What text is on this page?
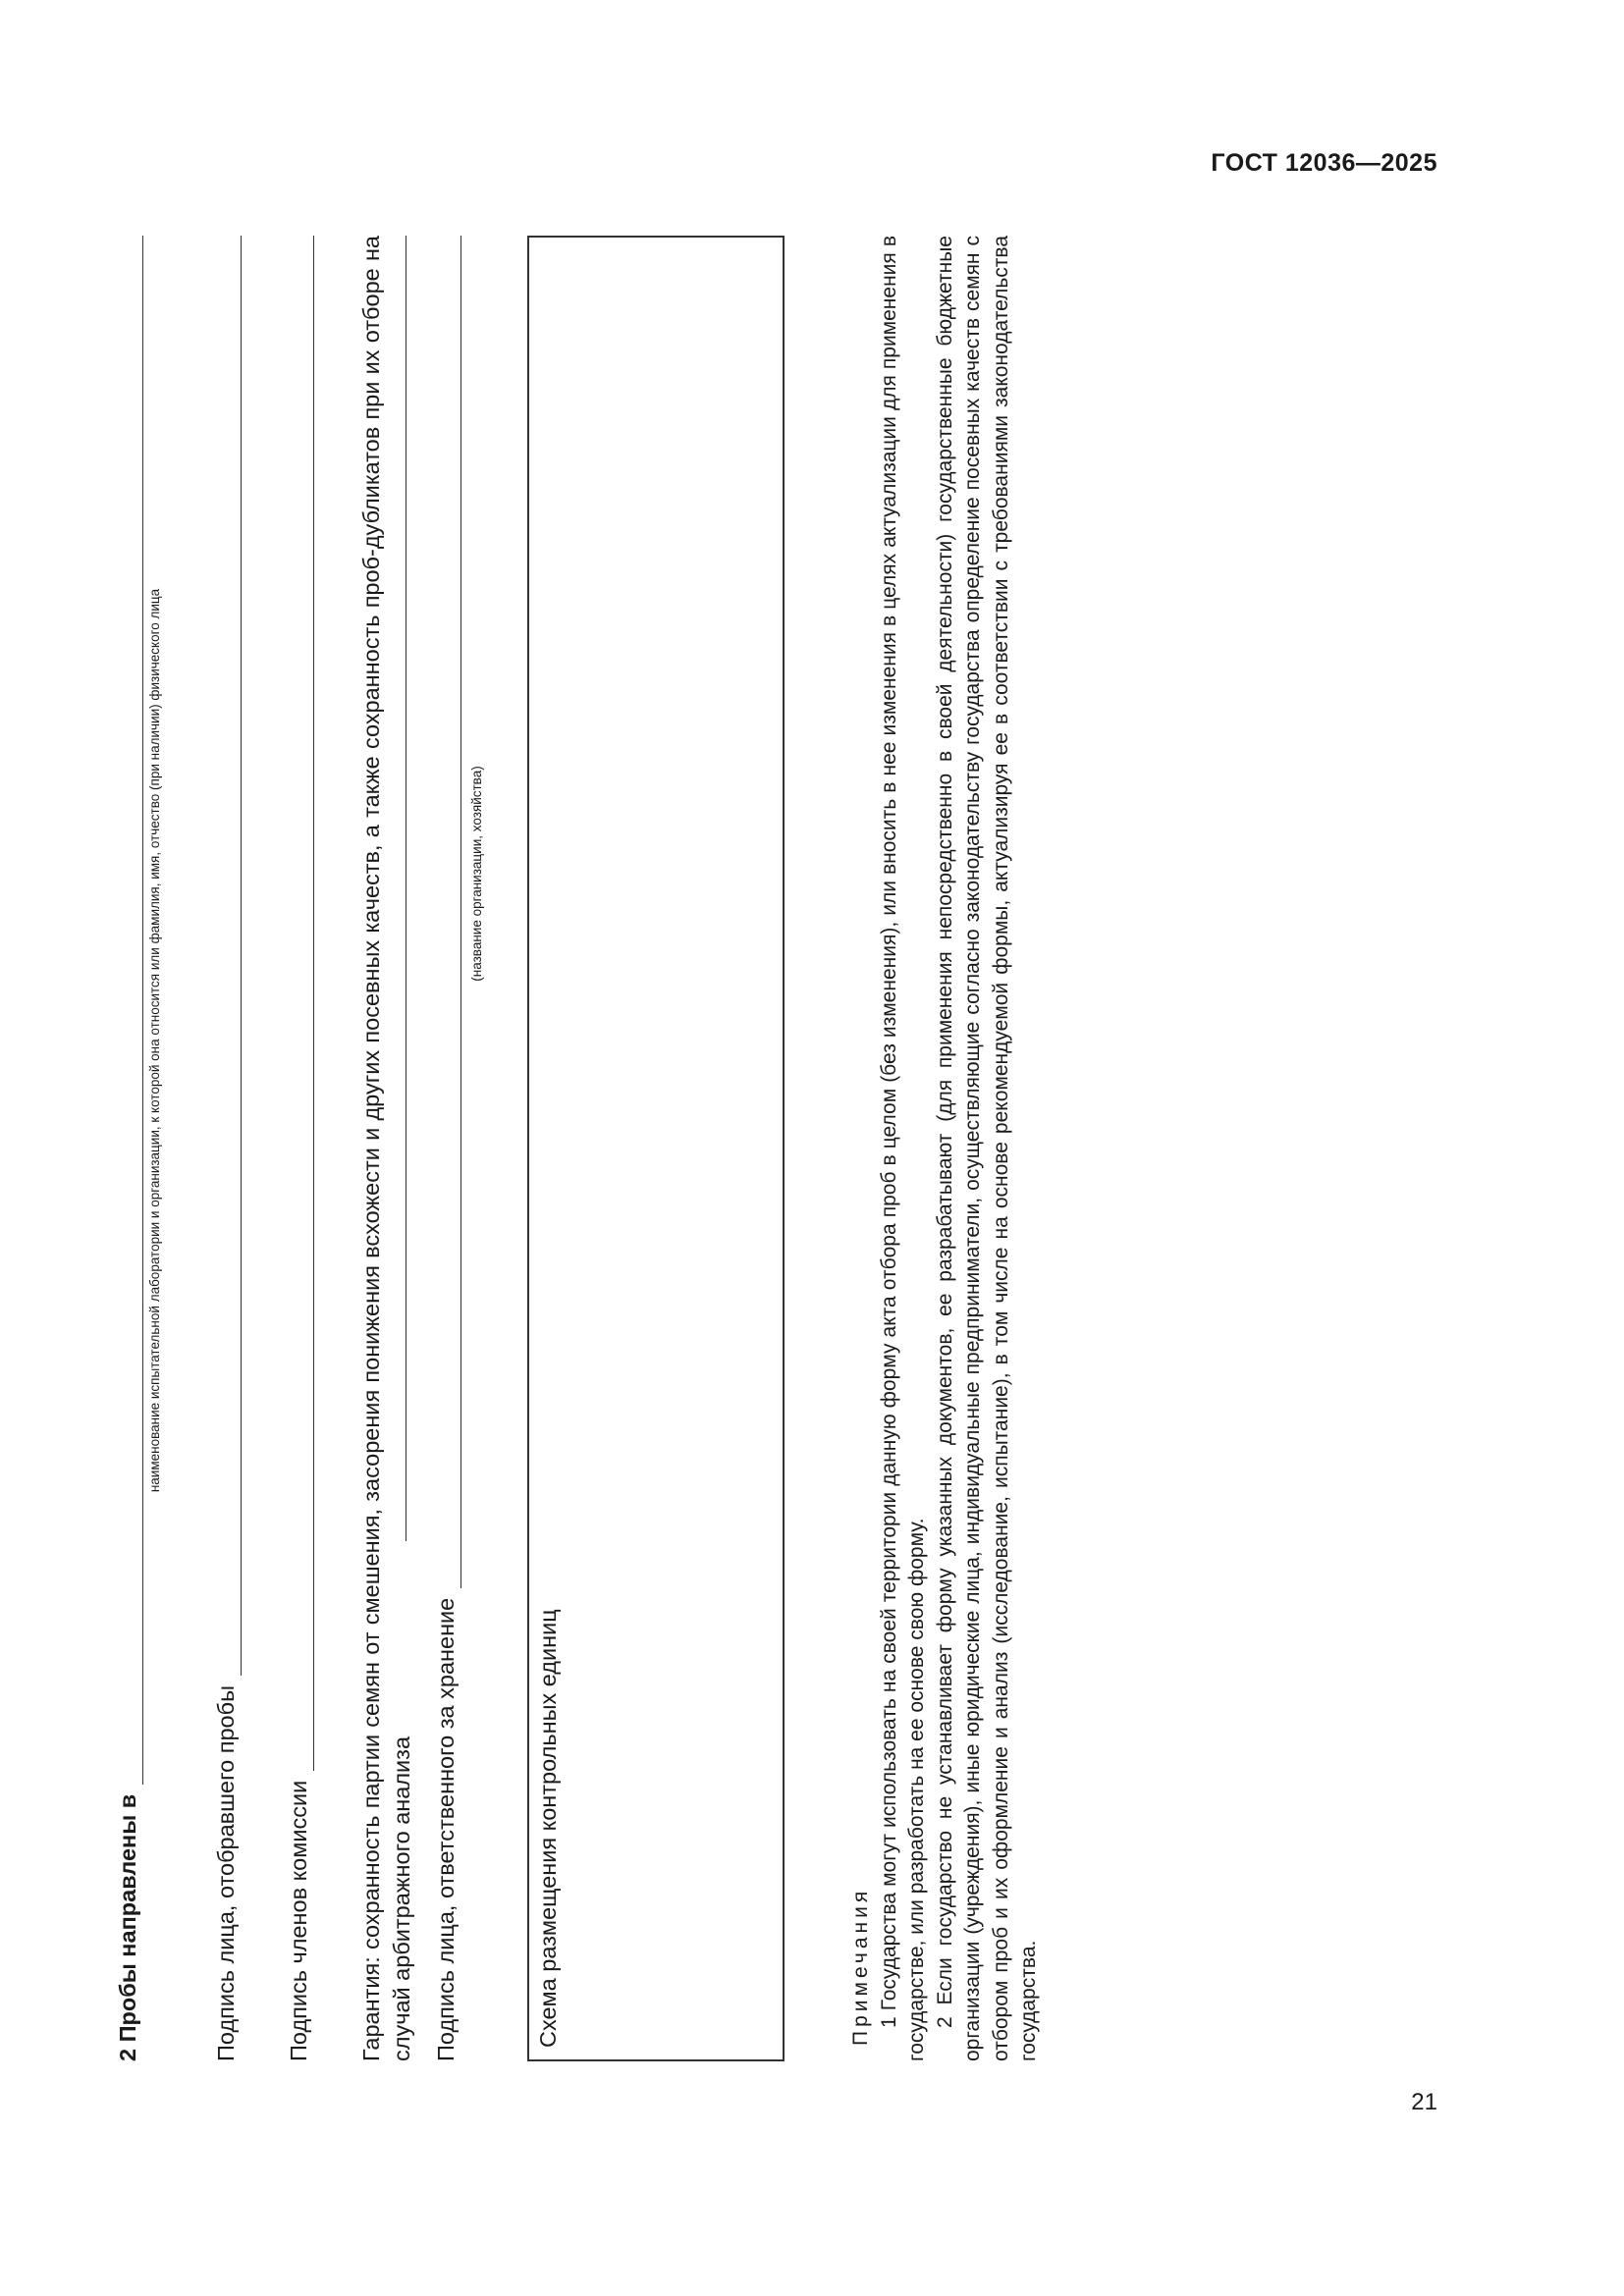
ГОСТ 12036—2025
2 Пробы направлены в
наименование испытательной лаборатории и организации, к которой она относится или фамилия, имя, отчество (при наличии) физического лица
Подпись лица, отобравшего пробы Подпись членов комиссии Гарантия: сохранность партии семян от смешения, засорения понижения всхожести и других посевных качеств, а также сохранность проб-дубликатов при их отборе на случай арбитражного анализа Подпись лица, ответственного за хранение
(название организации, хозяйства)
Схема размещения контрольных единиц	Примечания 1 Государства могут использовать на своей территории данную форму акта отбора проб в целом (без изменения), или вносить в нее изменения в целях актуализации для применения в государстве, или разработать на ее основе свою форму. 2 Если государство не устанавливает форму указанных документов, ее разрабатывают (для применения непосредственно в своей деятельности) государственные бюджетные организации (учреждения), иные юридические лица, индивидуальные предприниматели, осуществляющие согласно законодательству государства определение посевных качеств семян с отбором проб и их оформление и анализ (исследование, испытание), в том числе на основе рекомендуемой формы, актуализируя ее в соответствии с требованиями законодательства государства.

21
